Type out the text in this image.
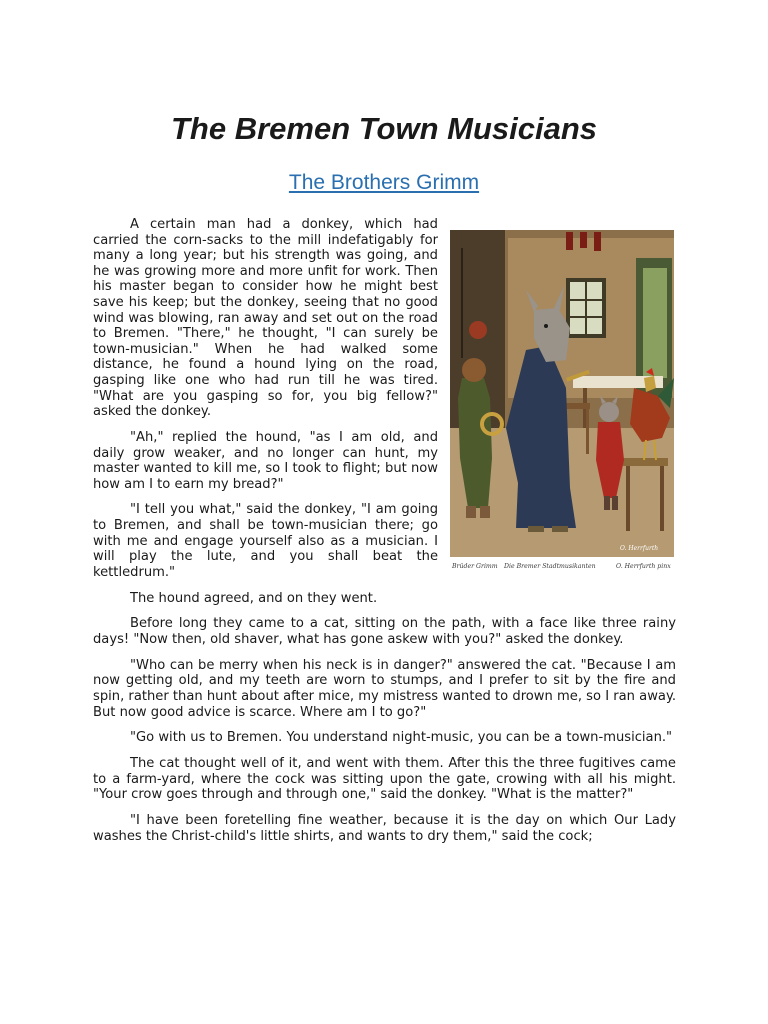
The Bremen Town Musicians
The Brothers Grimm
O. Herrfurth
Brüder Grimm Die Bremer Stadtmusikanten	O. Herrfurth pinx

A certain man had a donkey, which had carried the corn-sacks to the mill indefatigably for many a long year; but his strength was going, and he was growing more and more unfit for work. Then his master began to consider how he might best save his keep; but the donkey, seeing that no good wind was blowing, ran away and set out on the road to Bremen. "There," he thought, "I can surely be town-musician." When he had walked some distance, he found a hound lying on the road, gasping like one who had run till he was tired. "What are you gasping so for, you big fellow?" asked the donkey.

"Ah," replied the hound, "as I am old, and daily grow weaker, and no longer can hunt, my master wanted to kill me, so I took to flight; but now how am I to earn my bread?"

"I tell you what," said the donkey, "I am going to Bremen, and shall be town-musician there; go with me and engage yourself also as a musician. I will play the lute, and you shall beat the kettledrum."

The hound agreed, and on they went.

Before long they came to a cat, sitting on the path, with a face like three rainy days! "Now then, old shaver, what has gone askew with you?" asked the donkey.

"Who can be merry when his neck is in danger?" answered the cat. "Because I am now getting old, and my teeth are worn to stumps, and I prefer to sit by the fire and spin, rather than hunt about after mice, my mistress wanted to drown me, so I ran away. But now good advice is scarce. Where am I to go?"

"Go with us to Bremen. You understand night-music, you can be a town-musician."

The cat thought well of it, and went with them. After this the three fugitives came to a farm-yard, where the cock was sitting upon the gate, crowing with all his might. "Your crow goes through and through one," said the donkey. "What is the matter?"

"I have been foretelling fine weather, because it is the day on which Our Lady washes the Christ-child's little shirts, and wants to dry them," said the cock;
